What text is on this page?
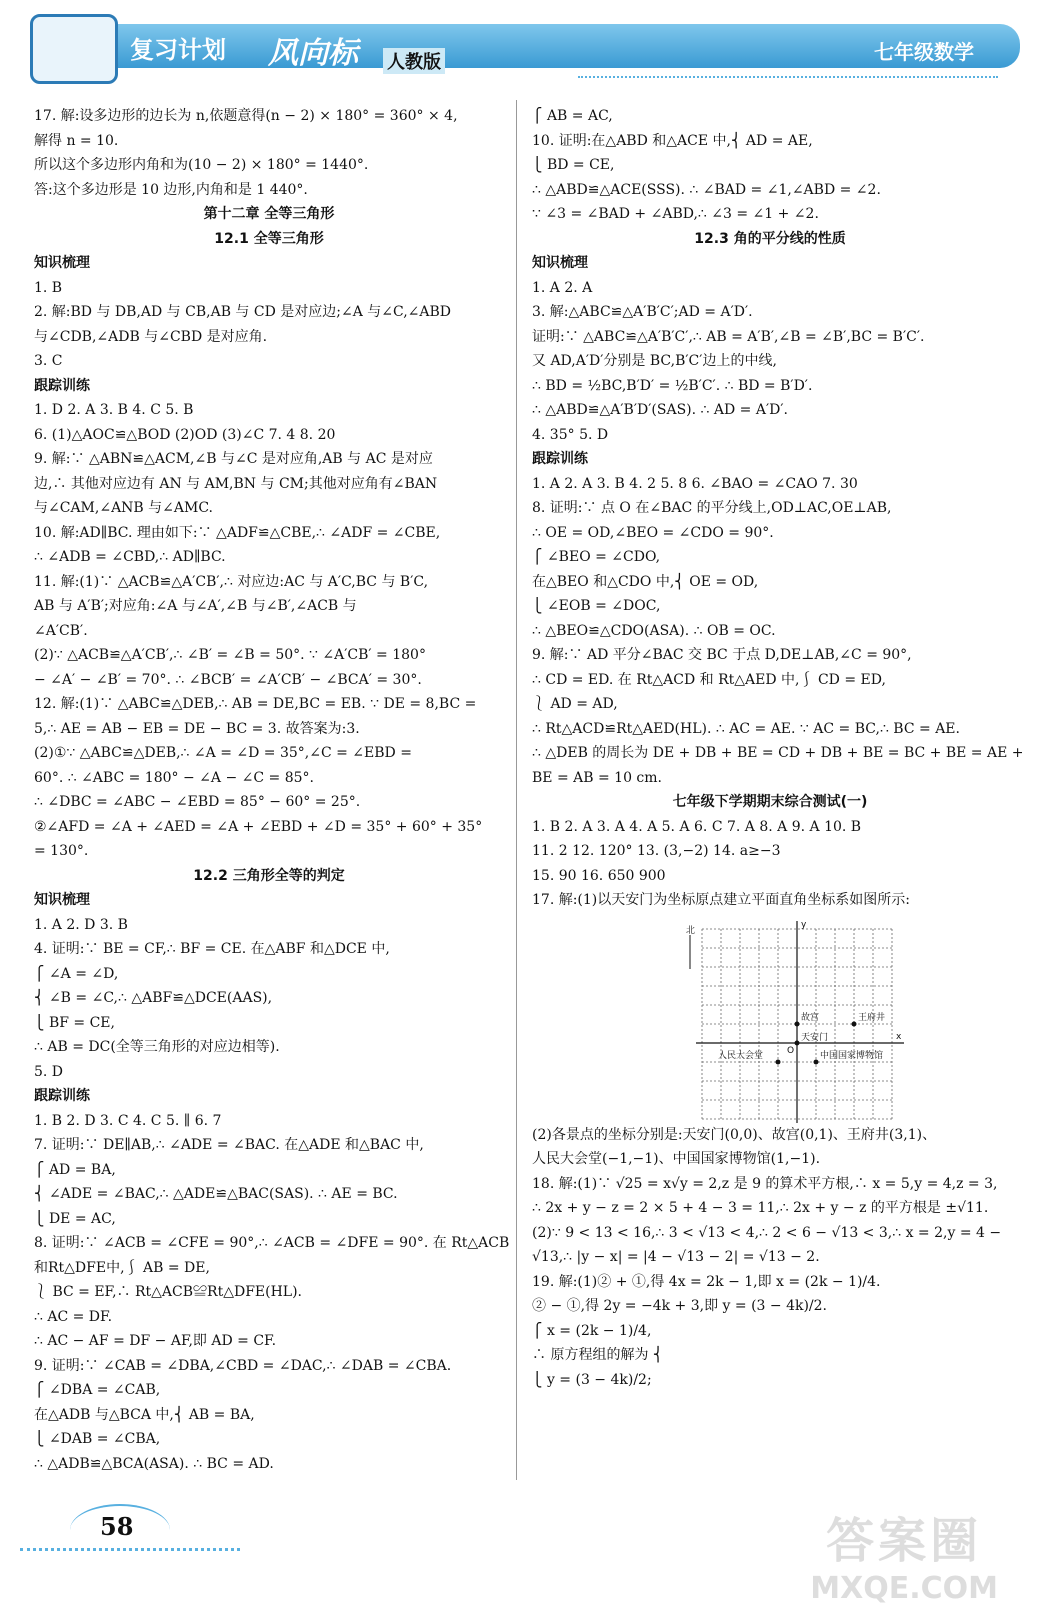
复习计划 风向标 人教版	七年级数学
17. 解:设多边形的边长为 n,依题意得(n − 2) × 180° = 360° × 4,
解得 n = 10.
所以这个多边形内角和为(10 − 2) × 180° = 1440°.
答:这个多边形是 10 边形,内角和是 1 440°.
第十二章 全等三角形
12.1 全等三角形
知识梳理
1. B
2. 解:BD 与 DB,AD 与 CB,AB 与 CD 是对应边;∠A 与∠C,∠ABD
与∠CDB,∠ADB 与∠CBD 是对应角.
3. C
跟踪训练
1. D 2. A 3. B 4. C 5. B
6. (1)△AOC≌△BOD (2)OD (3)∠C 7. 4 8. 20
9. 解:∵ △ABN≌△ACM,∠B 与∠C 是对应角,AB 与 AC 是对应
边,∴ 其他对应边有 AN 与 AM,BN 与 CM;其他对应角有∠BAN
与∠CAM,∠ANB 与∠AMC.
10. 解:AD∥BC. 理由如下:∵ △ADF≌△CBE,∴ ∠ADF = ∠CBE,
∴ ∠ADB = ∠CBD,∴ AD∥BC.
11. 解:(1)∵ △ACB≌△A′CB′,∴ 对应边:AC 与 A′C,BC 与 B′C,
AB 与 A′B′;对应角:∠A 与∠A′,∠B 与∠B′,∠ACB 与
∠A′CB′.
(2)∵ △ACB≌△A′CB′,∴ ∠B′ = ∠B = 50°. ∵ ∠A′CB′ = 180°
− ∠A′ − ∠B′ = 70°. ∴ ∠BCB′ = ∠A′CB′ − ∠BCA′ = 30°.
12. 解:(1)∵ △ABC≌△DEB,∴ AB = DE,BC = EB. ∵ DE = 8,BC =
5,∴ AE = AB − EB = DE − BC = 3. 故答案为:3.
(2)①∵ △ABC≌△DEB,∴ ∠A = ∠D = 35°,∠C = ∠EBD =
60°. ∴ ∠ABC = 180° − ∠A − ∠C = 85°.
∴ ∠DBC = ∠ABC − ∠EBD = 85° − 60° = 25°.
②∠AFD = ∠A + ∠AED = ∠A + ∠EBD + ∠D = 35° + 60° + 35°
= 130°.
12.2 三角形全等的判定
知识梳理
1. A 2. D 3. B
4. 证明:∵ BE = CF,∴ BF = CE. 在△ABF 和△DCE 中,
⎧ ∠A = ∠D,
⎨ ∠B = ∠C,∴ △ABF≌△DCE(AAS),
⎩ BF = CE,
∴ AB = DC(全等三角形的对应边相等).
5. D
跟踪训练
1. B 2. D 3. C 4. C 5. ∥ 6. 7
7. 证明:∵ DE∥AB,∴ ∠ADE = ∠BAC. 在△ADE 和△BAC 中,
⎧ AD = BA,
⎨ ∠ADE = ∠BAC,∴ △ADE≌△BAC(SAS). ∴ AE = BC.
⎩ DE = AC,
8. 证明:∵ ∠ACB = ∠CFE = 90°,∴ ∠ACB = ∠DFE = 90°. 在 Rt△ACB
和Rt△DFE中,⎰ AB = DE,
⎱ BC = EF,∴ Rt△ACB≌Rt△DFE(HL).
∴ AC = DF.
∴ AC − AF = DF − AF,即 AD = CF.
9. 证明:∵ ∠CAB = ∠DBA,∠CBD = ∠DAC,∴ ∠DAB = ∠CBA.
⎧ ∠DBA = ∠CAB,
在△ADB 与△BCA 中,⎨ AB = BA,
⎩ ∠DAB = ∠CBA,
∴ △ADB≌△BCA(ASA). ∴ BC = AD.
⎧ AB = AC,
10. 证明:在△ABD 和△ACE 中,⎨ AD = AE,
⎩ BD = CE,
∴ △ABD≌△ACE(SSS). ∴ ∠BAD = ∠1,∠ABD = ∠2.
∵ ∠3 = ∠BAD + ∠ABD,∴ ∠3 = ∠1 + ∠2.
12.3 角的平分线的性质
知识梳理
1. A 2. A
3. 解:△ABC≌△A′B′C′;AD = A′D′.
证明:∵ △ABC≌△A′B′C′,∴ AB = A′B′,∠B = ∠B′,BC = B′C′.
又 AD,A′D′分别是 BC,B′C′边上的中线,
∴ BD = ½BC,B′D′ = ½B′C′. ∴ BD = B′D′.
∴ △ABD≌△A′B′D′(SAS). ∴ AD = A′D′.
4. 35° 5. D
跟踪训练
1. A 2. A 3. B 4. 2 5. 8 6. ∠BAO = ∠CAO 7. 30
8. 证明:∵ 点 O 在∠BAC 的平分线上,OD⊥AC,OE⊥AB,
∴ OE = OD,∠BEO = ∠CDO = 90°.
⎧ ∠BEO = ∠CDO,
在△BEO 和△CDO 中,⎨ OE = OD,
⎩ ∠EOB = ∠DOC,
∴ △BEO≌△CDO(ASA). ∴ OB = OC.
9. 解:∵ AD 平分∠BAC 交 BC 于点 D,DE⊥AB,∠C = 90°,
∴ CD = ED. 在 Rt△ACD 和 Rt△AED 中,⎰ CD = ED,
⎱ AD = AD,
∴ Rt△ACD≌Rt△AED(HL). ∴ AC = AE. ∵ AC = BC,∴ BC = AE.
∴ △DEB 的周长为 DE + DB + BE = CD + DB + BE = BC + BE = AE +
BE = AB = 10 cm.
七年级下学期期末综合测试(一)
1. B 2. A 3. A 4. A 5. A 6. C 7. A 8. A 9. A 10. B
11. 2 12. 120° 13. (3,−2) 14. a≥−3
15. 90 16. 650 900
17. 解:(1)以天安门为坐标原点建立平面直角坐标系如图所示:
北
x
y
O
天安门
故宫	王府井
人民大会堂	中国国家博物馆
(2)各景点的坐标分别是:天安门(0,0)、故宫(0,1)、王府井(3,1)、
人民大会堂(−1,−1)、中国国家博物馆(1,−1).
18. 解:(1)∵ √25 = x√y = 2,z 是 9 的算术平方根,∴ x = 5,y = 4,z = 3,
∴ 2x + y − z = 2 × 5 + 4 − 3 = 11,∴ 2x + y − z 的平方根是 ±√11.
(2)∵ 9 < 13 < 16,∴ 3 < √13 < 4,∴ 2 < 6 − √13 < 3,∴ x = 2,y = 4 −
√13,∴ |y − x| = |4 − √13 − 2| = √13 − 2.
19. 解:(1)② + ①,得 4x = 2k − 1,即 x = (2k − 1)/4.
② − ①,得 2y = −4k + 3,即 y = (3 − 4k)/2.
⎧ x = (2k − 1)/4,
∴ 原方程组的解为 ⎨
⎩ y = (3 − 4k)/2;
58	答案圈
MXQE.COM
